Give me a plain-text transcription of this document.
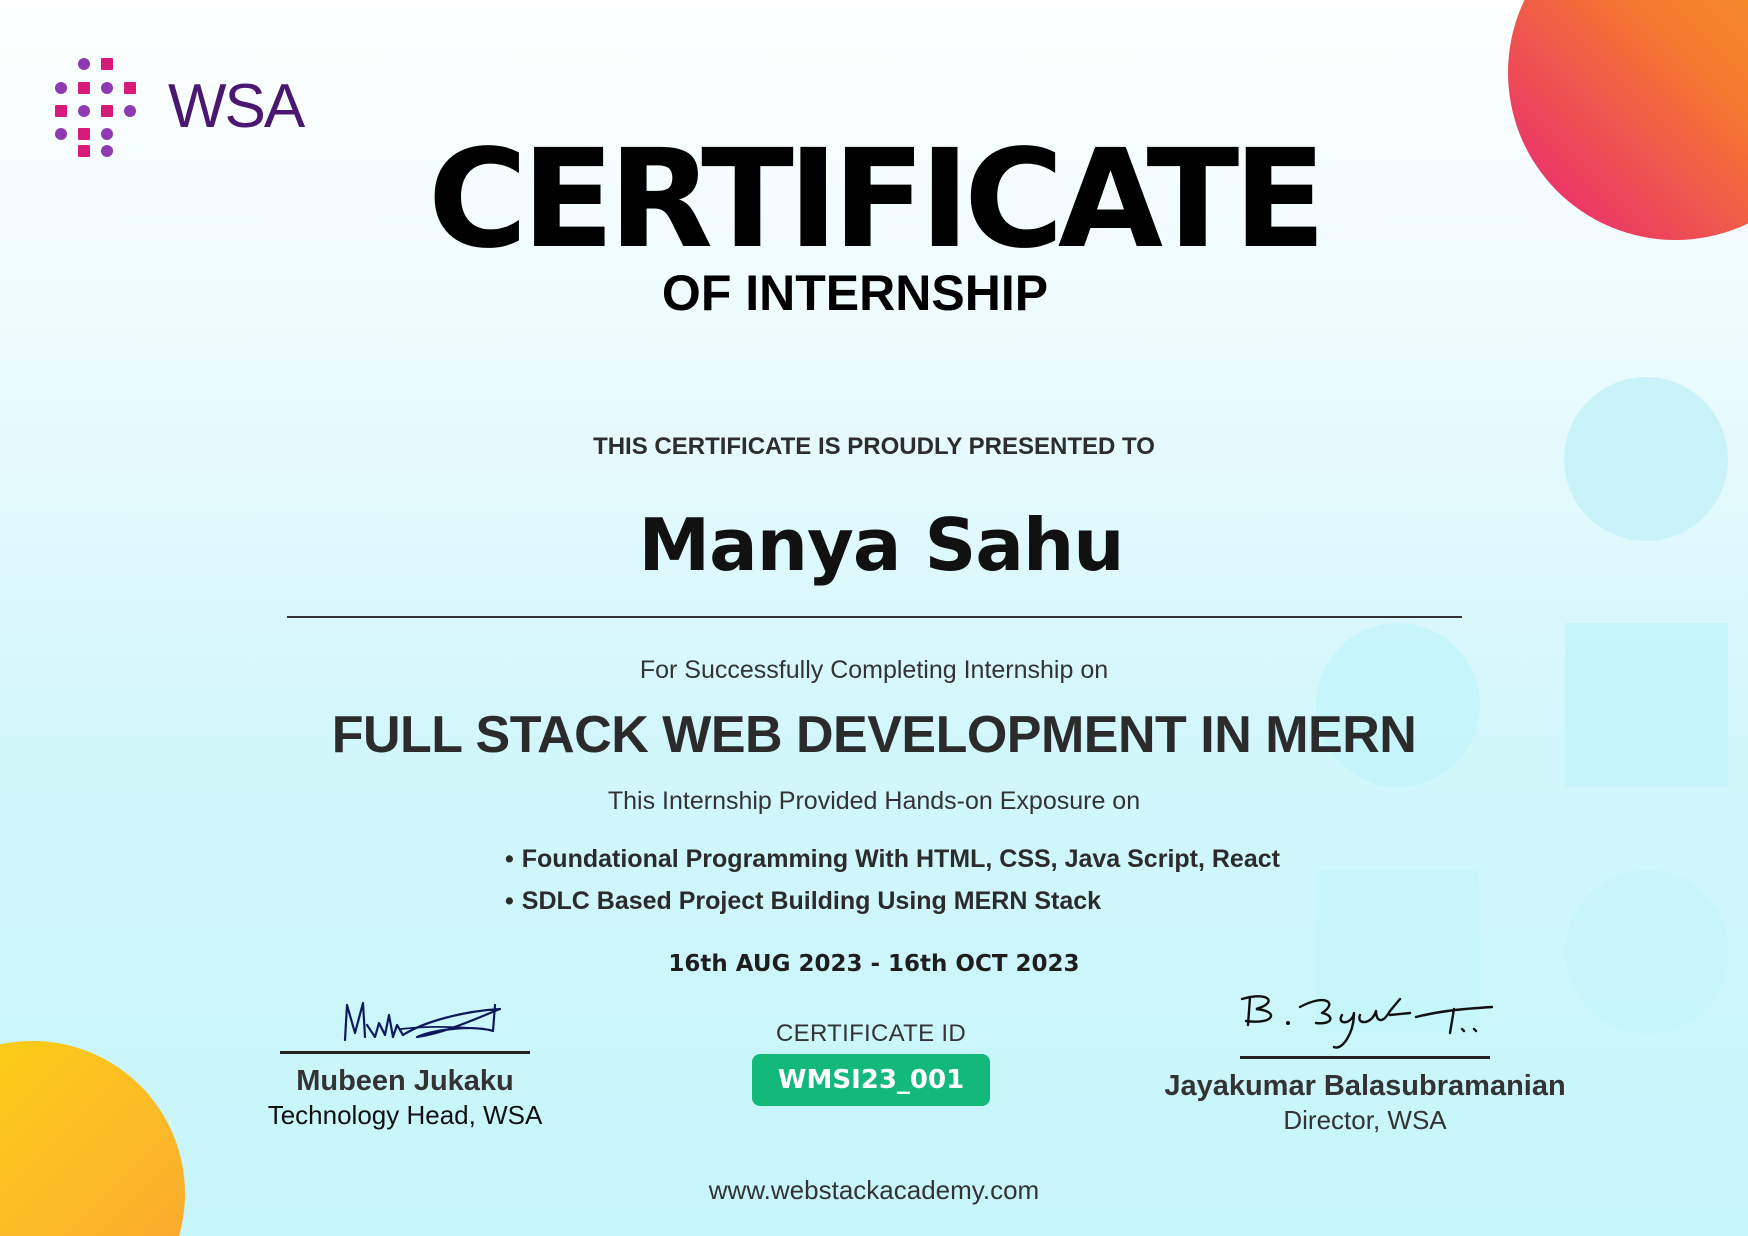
WSA
CERTIFICATE
OF INTERNSHIP
THIS CERTIFICATE IS PROUDLY PRESENTED TO
Manya Sahu
For Successfully Completing Internship on
FULL STACK WEB DEVELOPMENT IN MERN
This Internship Provided Hands-on Exposure on
• Foundational Programming With HTML, CSS, Java Script, React
• SDLC Based Project Building Using MERN Stack
16th AUG 2023 - 16th OCT 2023
Mubeen Jukaku
Technology Head, WSA
CERTIFICATE ID
WMSI23_001	Jayakumar Balasubramanian
Director, WSA
www.webstackacademy.com
